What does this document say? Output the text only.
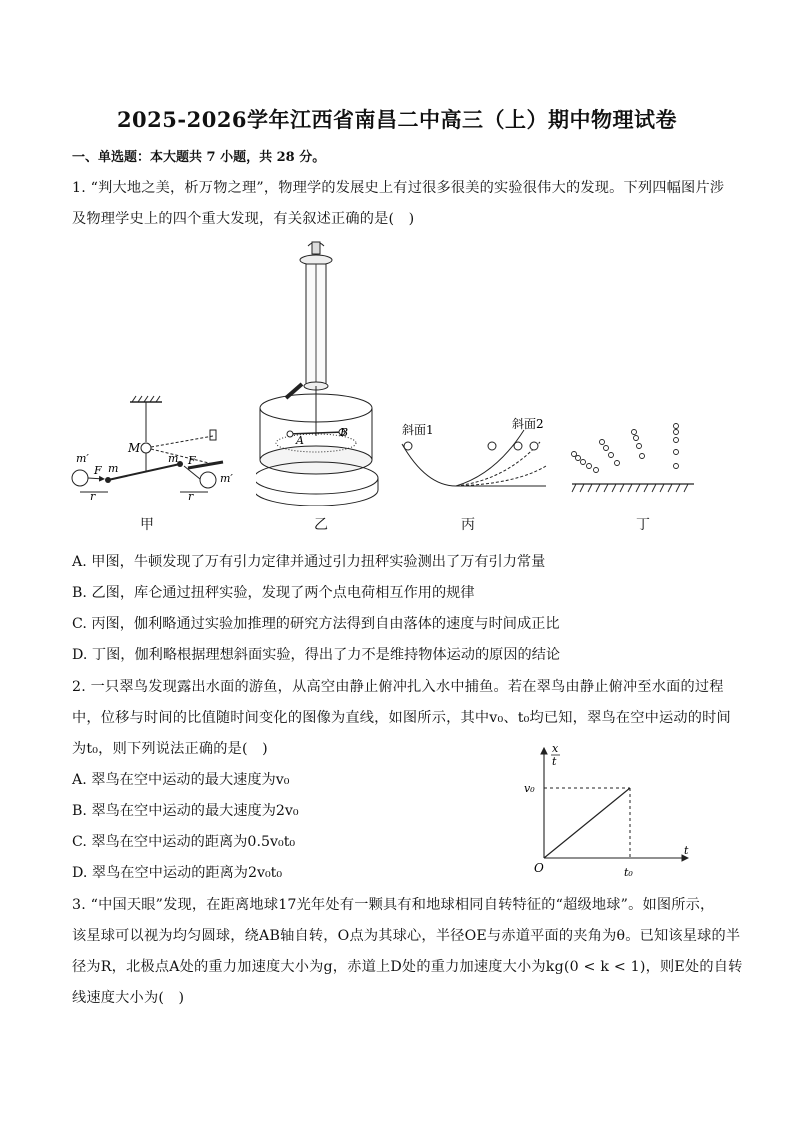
2025-2026学年江西省南昌二中高三（上）期中物理试卷
一、单选题：本大题共 7 小题，共 28 分。
1. “判大地之美，析万物之理”，物理学的发展史上有过很多很美的实验很伟大的发现。下列四幅图片涉
及物理学史上的四个重大发现，有关叙述正确的是(　)
m′
F m
r
M
m F
m′
r
A
B	斜面1	斜面2
甲	乙	丙	丁
A. 甲图，牛顿发现了万有引力定律并通过引力扭秤实验测出了万有引力常量
B. 乙图，库仑通过扭秤实验，发现了两个点电荷相互作用的规律
C. 丙图，伽利略通过实验加推理的研究方法得到自由落体的速度与时间成正比
D. 丁图，伽利略根据理想斜面实验，得出了力不是维持物体运动的原因的结论
2. 一只翠鸟发现露出水面的游鱼，从高空由静止俯冲扎入水中捕鱼。若在翠鸟由静止俯冲至水面的过程
中，位移与时间的比值随时间变化的图像为直线，如图所示，其中v₀、t₀均已知，翠鸟在空中运动的时间
为t₀，则下列说法正确的是(　)
A. 翠鸟在空中运动的最大速度为v₀
B. 翠鸟在空中运动的最大速度为2v₀
C. 翠鸟在空中运动的距离为0.5v₀t₀
D. 翠鸟在空中运动的距离为2v₀t₀
x
t
v₀
t₀
O
t
3. “中国天眼”发现，在距离地球17光年处有一颗具有和地球相同自转特征的“超级地球”。如图所示，
该星球可以视为均匀圆球，绕AB轴自转，O点为其球心，半径OE与赤道平面的夹角为θ。已知该星球的半
径为R，北极点A处的重力加速度大小为g，赤道上D处的重力加速度大小为kg(0 < k < 1)，则E处的自转
线速度大小为(　)
